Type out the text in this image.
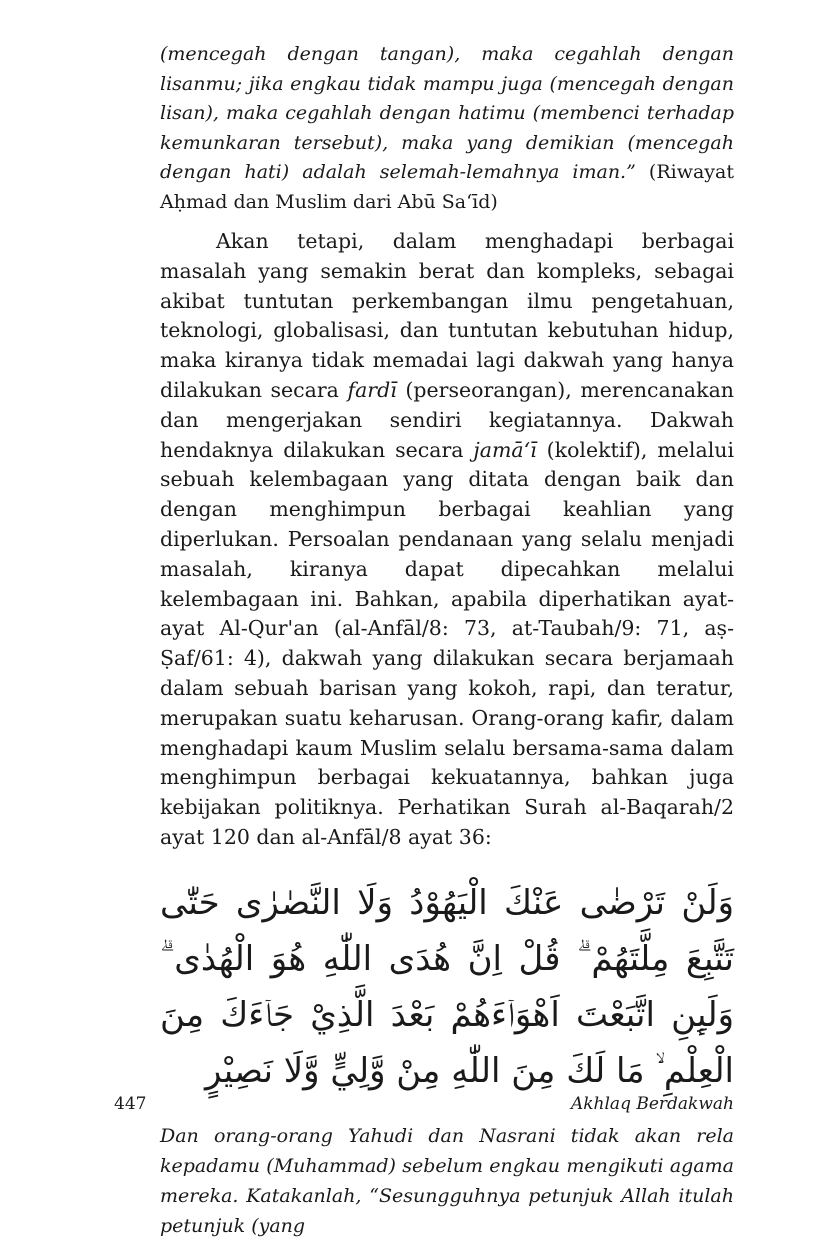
(mencegah dengan tangan), maka cegahlah dengan lisanmu; jika engkau tidak mampu juga (mencegah dengan lisan), maka cegahlah dengan hatimu (membenci terhadap kemunkaran tersebut), maka yang demikian (mencegah dengan hati) adalah selemah-lemahnya iman.” (Riwayat Aḥmad dan Muslim dari Abū Sa‘īd)

Akan tetapi, dalam menghadapi berbagai masalah yang semakin berat dan kompleks, sebagai akibat tuntutan perkembangan ilmu pengetahuan, teknologi, globalisasi, dan tuntutan kebutuhan hidup, maka kiranya tidak memadai lagi dakwah yang hanya dilakukan secara fardī (perseorangan), merencanakan dan mengerjakan sendiri kegiatannya. Dakwah hendaknya dilakukan secara jamā‘ī (kolektif), melalui sebuah kelembagaan yang ditata dengan baik dan dengan menghimpun berbagai keahlian yang diperlukan. Persoalan pendanaan yang selalu menjadi masalah, kiranya dapat dipecahkan melalui kelembagaan ini. Bahkan, apabila diperhatikan ayat-ayat Al-Qur'an (al-Anfāl/8: 73, at-Taubah/9: 71, aṣ-Ṣaf/61: 4), dakwah yang dilakukan secara berjamaah dalam sebuah barisan yang kokoh, rapi, dan teratur, merupakan suatu keharusan. Orang-orang kafir, dalam menghadapi kaum Muslim selalu bersama-sama dalam menghimpun berbagai kekuatannya, bahkan juga kebijakan politiknya. Perhatikan Surah al-Baqarah/2 ayat 120 dan al-Anfāl/8 ayat 36:

وَلَنْ تَرْضٰى عَنْكَ الْيَهُوْدُ وَلَا النَّصٰرٰى حَتّٰى تَتَّبِعَ مِلَّتَهُمْ ۗ قُلْ اِنَّ هُدَى اللّٰهِ هُوَ الْهُدٰى ۗ وَلَىِٕنِ اتَّبَعْتَ اَهْوَاۤءَهُمْ بَعْدَ الَّذِيْ جَاۤءَكَ مِنَ الْعِلْمِ ۙ مَا لَكَ مِنَ اللّٰهِ مِنْ وَّلِيٍّ وَّلَا نَصِيْرٍ

Dan orang-orang Yahudi dan Nasrani tidak akan rela kepadamu (Muhammad) sebelum engkau mengikuti agama mereka. Katakanlah, “Sesungguhnya petunjuk Allah itulah petunjuk (yang

447	Akhlaq Berdakwah
